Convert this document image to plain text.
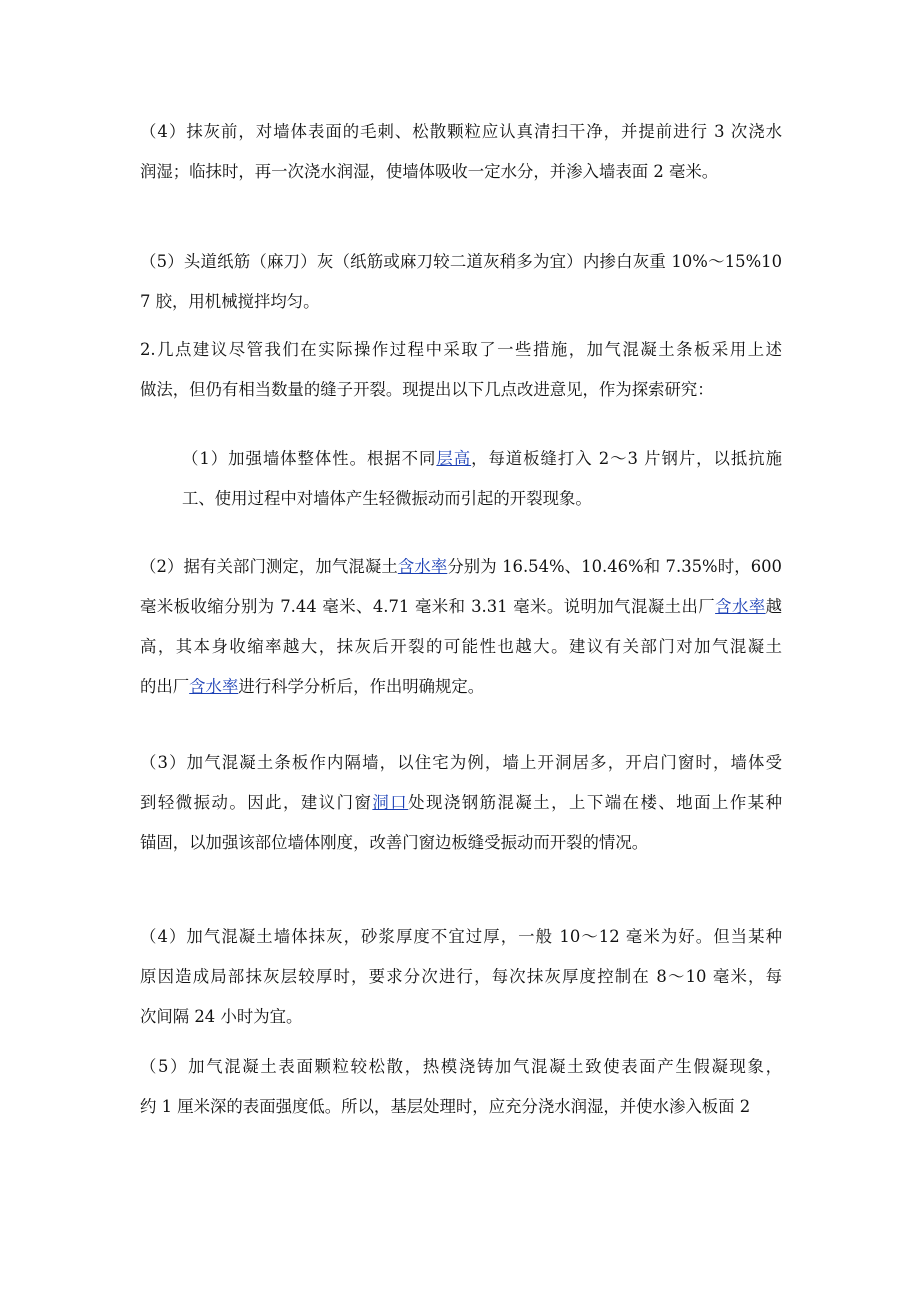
（4）抹灰前，对墙体表面的毛刺、松散颗粒应认真清扫干净，并提前进行 3 次浇水
润湿；临抹时，再一次浇水润湿，使墙体吸收一定水分，并渗入墙表面 2 毫米。

（5）头道纸筋（麻刀）灰（纸筋或麻刀较二道灰稍多为宜）内掺白灰重 10%～15%10
7 胶，用机械搅拌均匀。

2.几点建议尽管我们在实际操作过程中采取了一些措施，加气混凝土条板采用上述
做法，但仍有相当数量的缝子开裂。现提出以下几点改进意见，作为探索研究：

（1）加强墙体整体性。根据不同层高，每道板缝打入 2～3 片钢片，以抵抗施
工、使用过程中对墙体产生轻微振动而引起的开裂现象。

（2）据有关部门测定，加气混凝土含水率分别为 16.54%、10.46%和 7.35%时，600
毫米板收缩分别为 7.44 毫米、4.71 毫米和 3.31 毫米。说明加气混凝土出厂含水率越
高，其本身收缩率越大，抹灰后开裂的可能性也越大。建议有关部门对加气混凝土
的出厂含水率进行科学分析后，作出明确规定。

（3）加气混凝土条板作内隔墙，以住宅为例，墙上开洞居多，开启门窗时，墙体受
到轻微振动。因此，建议门窗洞口处现浇钢筋混凝土，上下端在楼、地面上作某种
锚固，以加强该部位墙体刚度，改善门窗边板缝受振动而开裂的情况。

（4）加气混凝土墙体抹灰，砂浆厚度不宜过厚，一般 10～12 毫米为好。但当某种
原因造成局部抹灰层较厚时，要求分次进行，每次抹灰厚度控制在 8～10 毫米，每
次间隔 24 小时为宜。

（5）加气混凝土表面颗粒较松散，热模浇铸加气混凝土致使表面产生假凝现象，
约 1 厘米深的表面强度低。所以，基层处理时，应充分浇水润湿，并使水渗入板面 2
